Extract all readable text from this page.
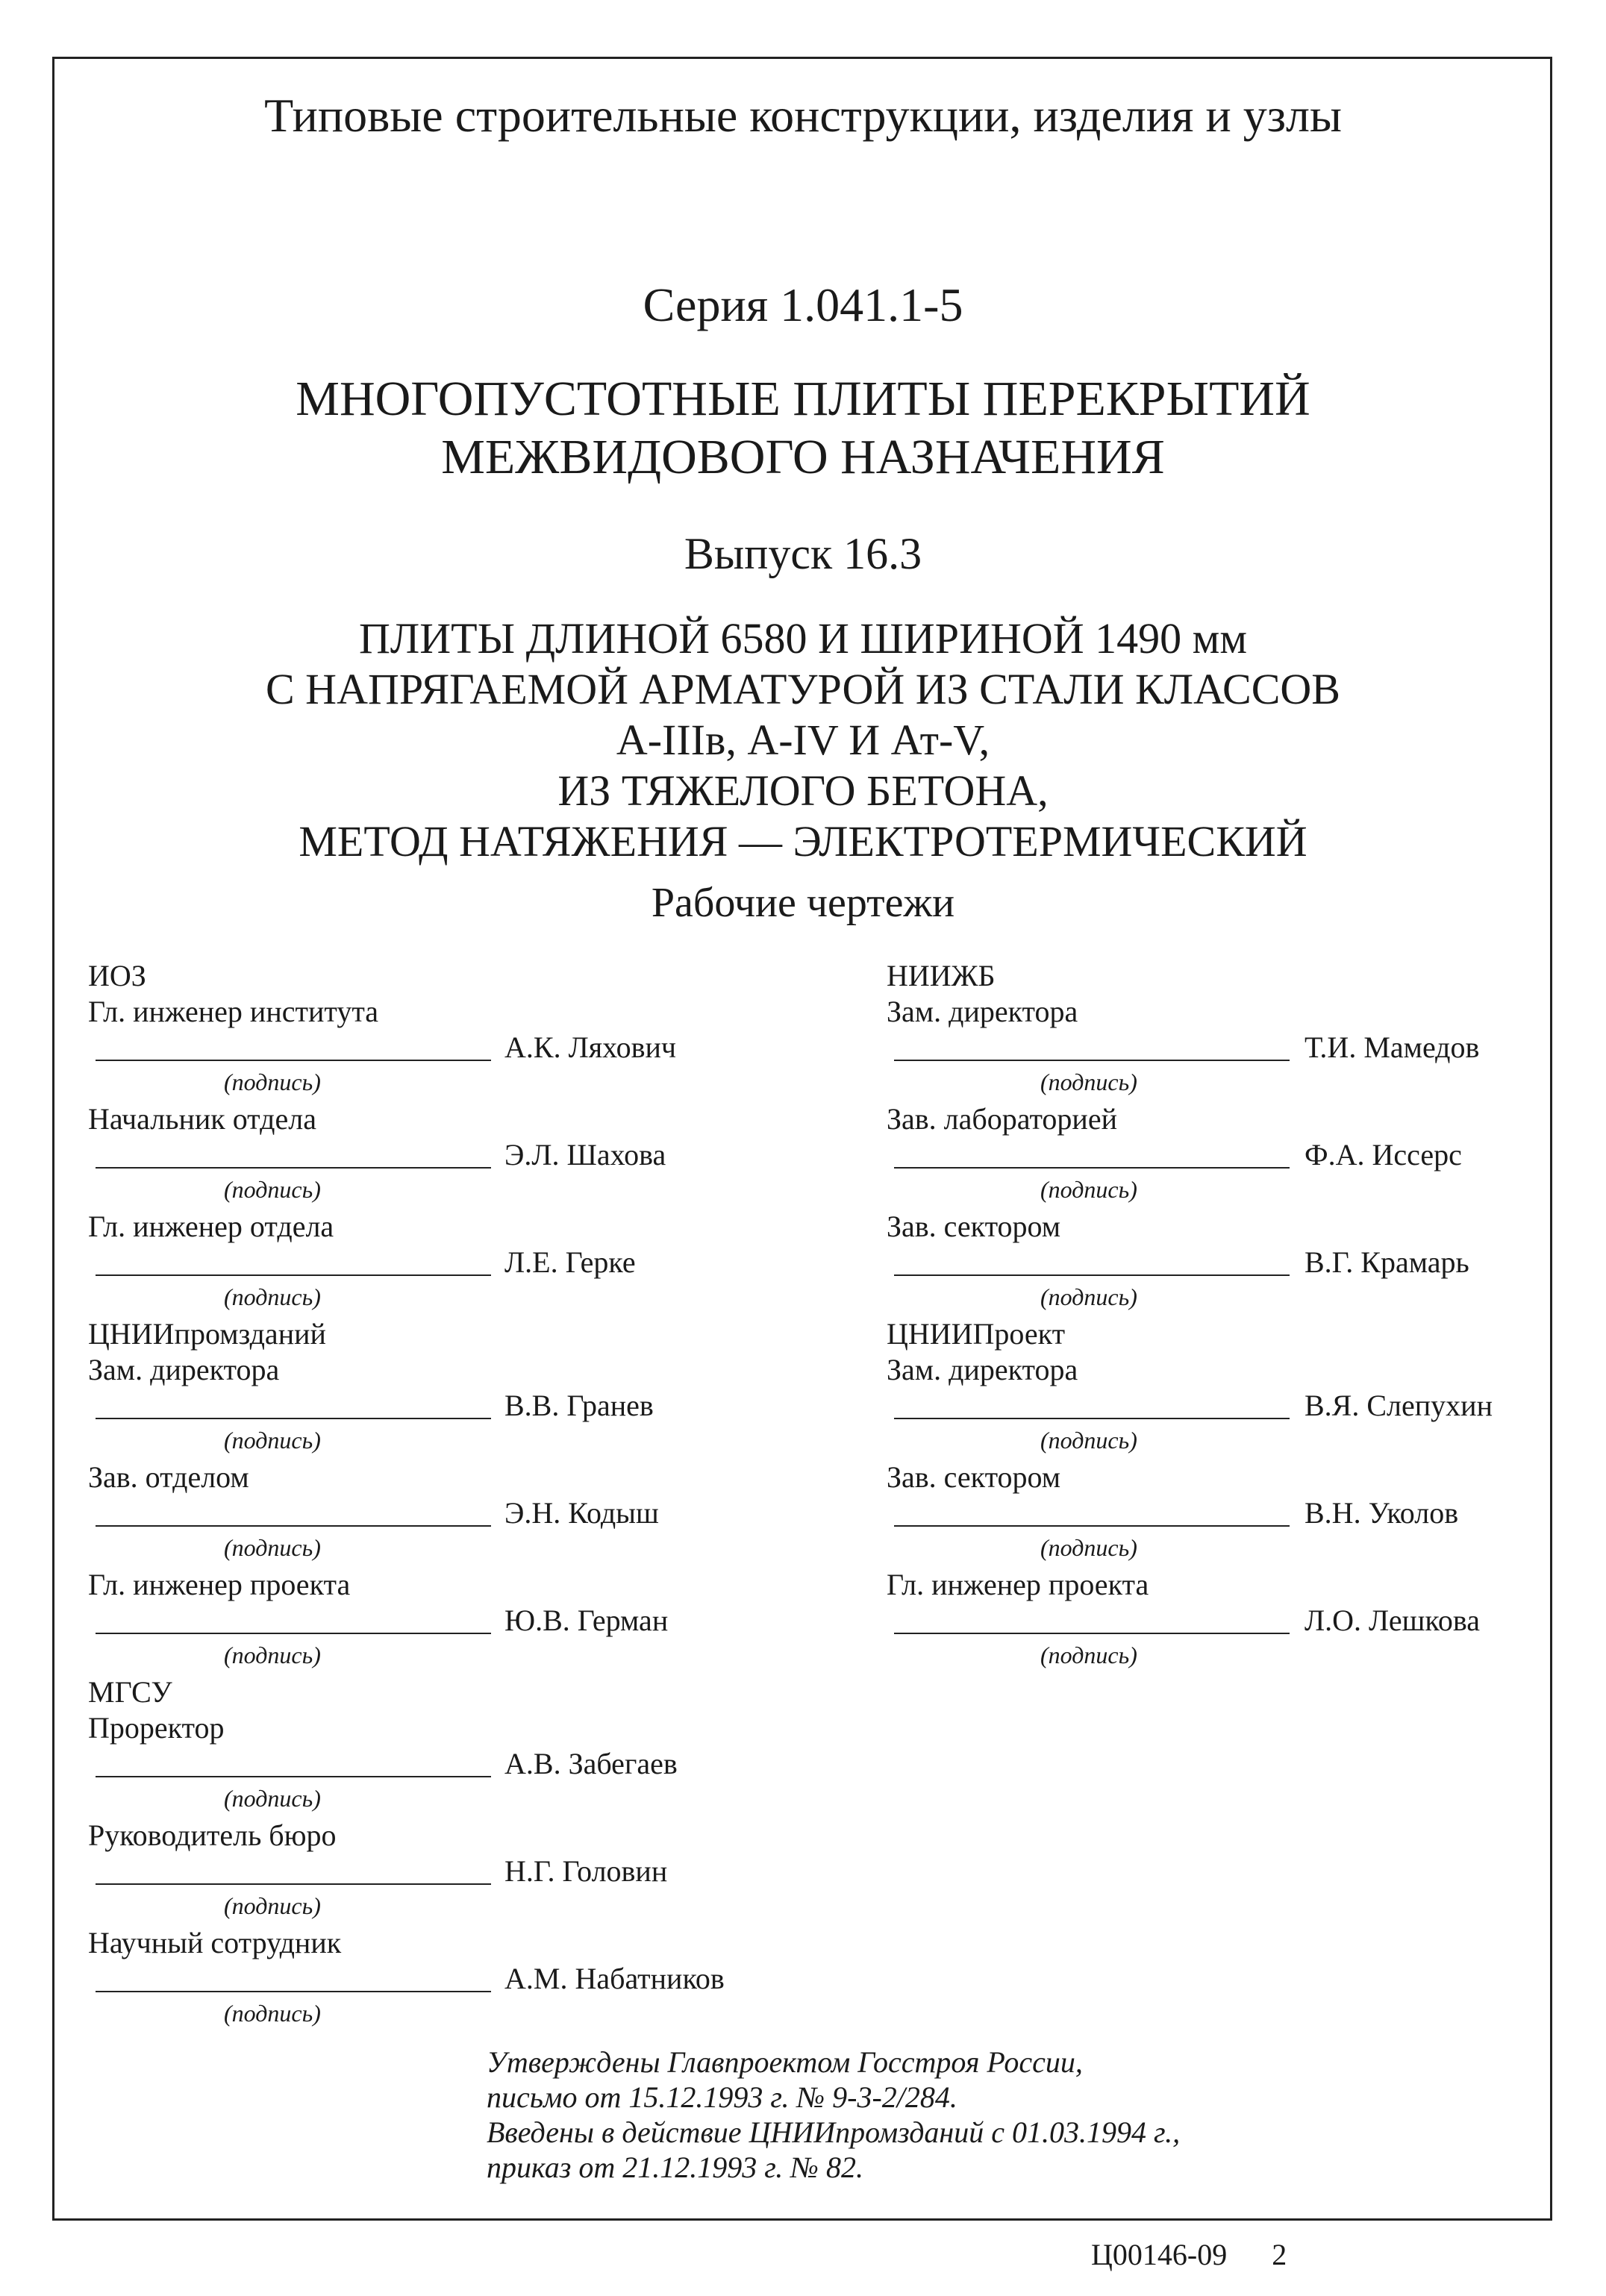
Типовые строительные конструкции, изделия и узлы
Серия 1.041.1-5
МНОГОПУСТОТНЫЕ ПЛИТЫ ПЕРЕКРЫТИЙ
МЕЖВИДОВОГО НАЗНАЧЕНИЯ
Выпуск 16.3
ПЛИТЫ ДЛИНОЙ 6580 И ШИРИНОЙ 1490 мм
С НАПРЯГАЕМОЙ АРМАТУРОЙ ИЗ СТАЛИ КЛАССОВ
А-IIIв, А-IV И Ат-V,
ИЗ ТЯЖЕЛОГО БЕТОНА,
МЕТОД НАТЯЖЕНИЯ — ЭЛЕКТРОТЕРМИЧЕСКИЙ
Рабочие чертежи
ИОЗ
Гл. инженер института
А.К. Ляхович
(подпись)
Начальник отдела
Э.Л. Шахова
(подпись)
Гл. инженер отдела
Л.Е. Герке
(подпись)
ЦНИИпромзданий
Зам. директора
В.В. Гранев
(подпись)
Зав. отделом
Э.Н. Кодыш
(подпись)
Гл. инженер проекта
Ю.В. Герман
(подпись)
МГСУ
Проректор
А.В. Забегаев
(подпись)
Руководитель бюро
Н.Г. Головин
(подпись)
Научный сотрудник
А.М. Набатников
(подпись)
НИИЖБ
Зам. директора
Т.И. Мамедов
(подпись)
Зав. лабораторией
Ф.А. Иссерс
(подпись)
Зав. сектором
В.Г. Крамарь
(подпись)
ЦНИИПроект
Зам. директора
В.Я. Слепухин
(подпись)
Зав. сектором
В.Н. Уколов
(подпись)
Гл. инженер проекта
Л.О. Лешкова
(подпись)
Утверждены Главпроектом Госстроя России,
письмо от 15.12.1993 г. № 9-3-2/284.
Введены в действие ЦНИИпромзданий с 01.03.1994 г.,
приказ от 21.12.1993 г. № 82.
Ц00146-09 2
